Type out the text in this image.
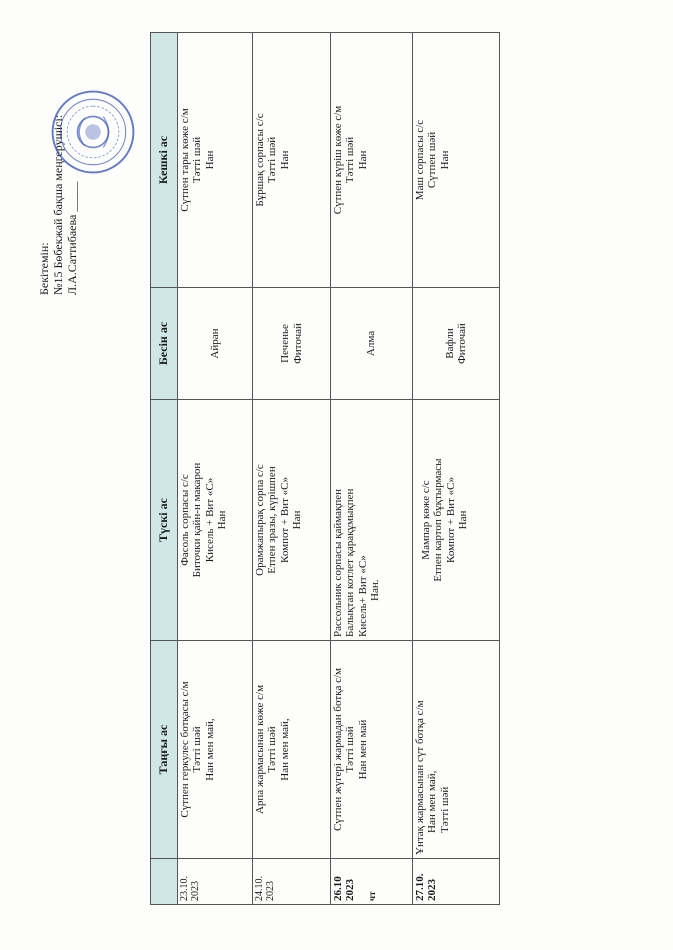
	Таңғы ас	Түскі ас	Бесін ас	Кешкі ас
23.10.
2023	Сүтпен геркулес ботқасы с/м Тәтті шәй Нан мен май,	Фасоль сорпасы с/с Биточки қайн-н макарон Кисель + Вит «С» Нан	Айран	Сүтпен тары көже с/м Тәтті шәй Нан

24.10.
2023	Арпа жармасынан көже с/м Тәтті шәй Нан мен май,	Орамжапырақ сорпа с/с Етпен зразы, күрішпен Компот + Вит «С» Нан	Печенье Фиточай	Бұршақ сорпасы с/с Тәтті шәй Нан

26.10
2023 чт	Сүтпен жүгері жармадан ботқа с/м Тәтті шәй Нан мен май	Рассольник сорпасы қаймақпен Балықтан котлет қарақұмықпен Кисель+ Вит «С» Нан.	Алма	Сүтпен күріш көже с/м Тәтті шәй Нан

27.10.
2023	Ұнтақ жармасынан сүт ботқа с/м Нан мен май, Тәтті шәй	Мампар көже с/с Етпен картоп бұқтырмасы Компот + Вит «С» Нан	Вафли Фиточай	Маш сорпасы с/с Сүтпен шәй Нан
Бекітемін: №15 Бөбекжай бақша меңгерушісі: Л.А.Саттибаева _____
